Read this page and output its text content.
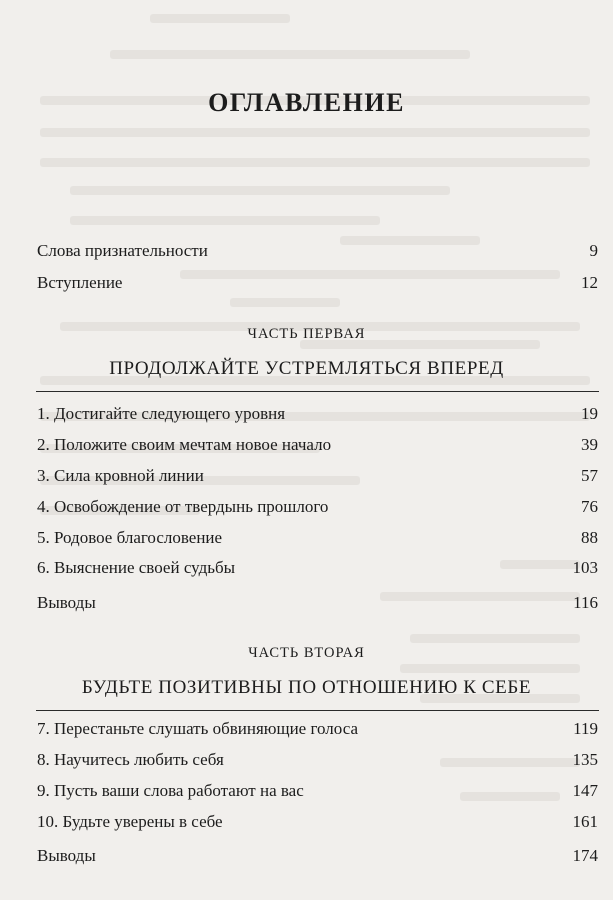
ОГЛАВЛЕНИЕ
Слова признательности	9
Вступление	12
ЧАСТЬ ПЕРВАЯ
ПРОДОЛЖАЙТЕ УСТРЕМЛЯТЬСЯ ВПЕРЕД
1. Достигайте следующего уровня	19
2. Положите своим мечтам новое начало	39
3. Сила кровной линии	57
4. Освобождение от твердынь прошлого	76
5. Родовое благословение	88
6. Выяснение своей судьбы	103
Выводы	116
ЧАСТЬ ВТОРАЯ
БУДЬТЕ ПОЗИТИВНЫ ПО ОТНОШЕНИЮ К СЕБЕ
7. Перестаньте слушать обвиняющие голоса	119
8. Научитесь любить себя	135
9. Пусть ваши слова работают на вас	147
10. Будьте уверены в себе	161
Выводы	174
